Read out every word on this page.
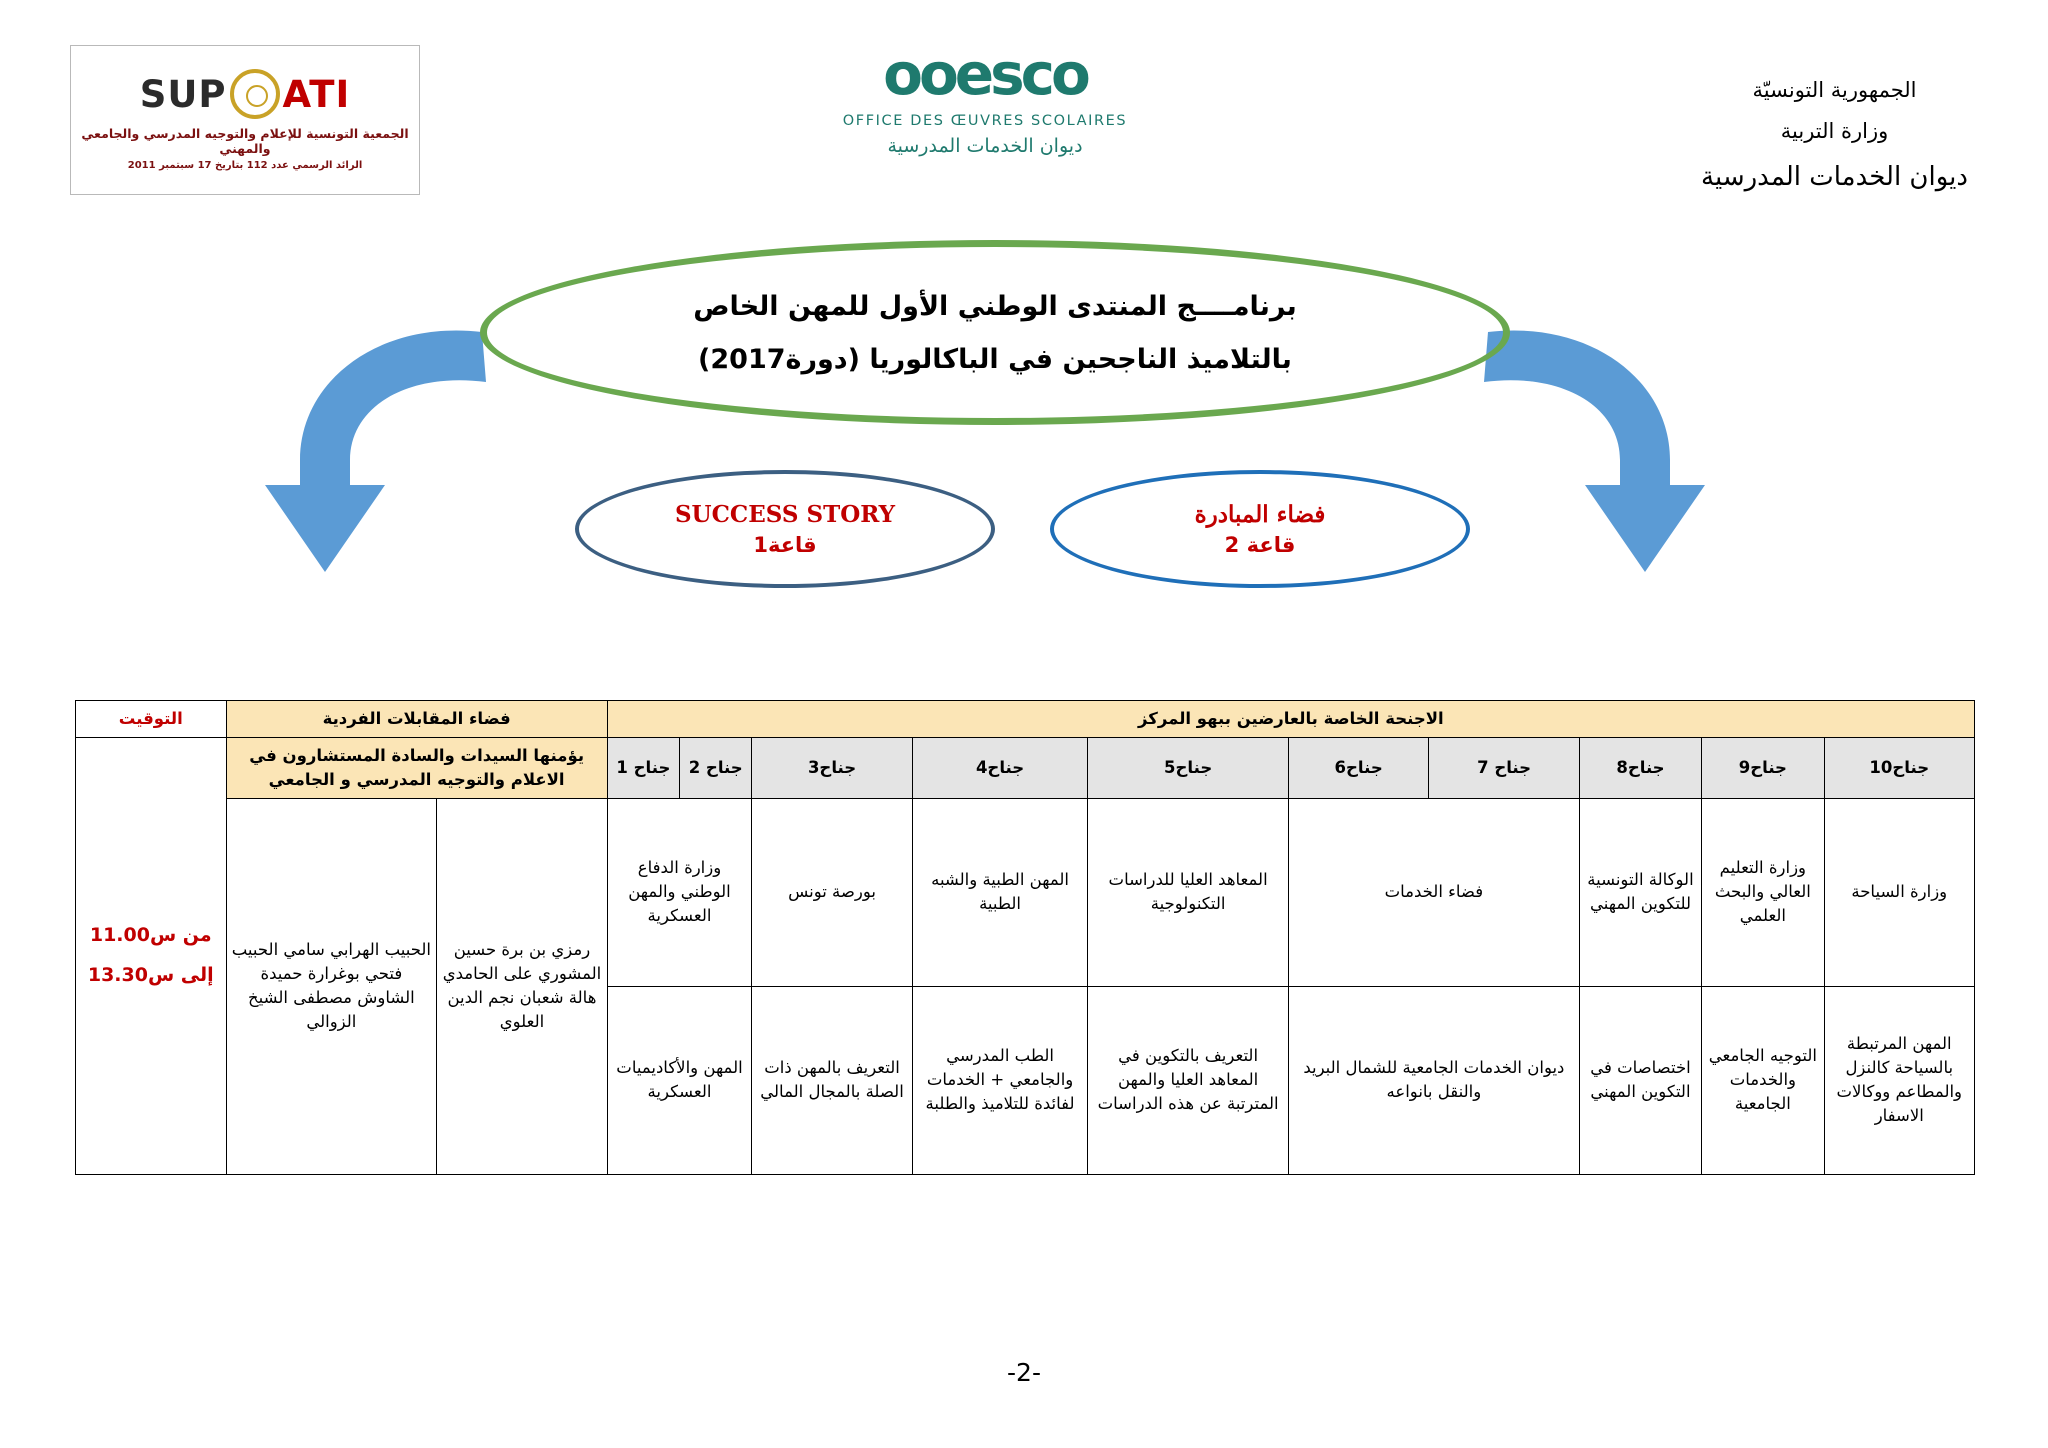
ATI
SUP
الجمعية التونسية للإعلام والتوجيه المدرسي والجامعي والمهني
الرائد الرسمي عدد 112 بتاريخ 17 سبتمبر 2011
ooesco
OFFICE DES ŒUVRES SCOLAIRES
ديوان الخدمات المدرسية
الجمهورية التونسيّة
وزارة التربية
ديوان الخدمات المدرسية
برنامــــج المنتدى الوطني الأول للمهن الخاص
بالتلاميذ الناجحين في الباكالوريا (دورة2017)
SUCCESS STORY
قاعة1
فضاء المبادرة
قاعة 2
الاجنحة الخاصة بالعارضين ببهو المركز										فضاء المقابلات الفردية		التوقيت
جناح10	جناح9	جناح8	جناح 7	جناح6	جناح5	جناح4	جناح3	جناح 2	جناح 1	يؤمنها السيدات والسادة المستشارون في الاعلام والتوجيه المدرسي و الجامعي		من س11.00 إلى س13.30

وزارة السياحة	وزارة التعليم العالي والبحث العلمي	الوكالة التونسية للتكوين المهني	فضاء الخدمات		المعاهد العليا للدراسات التكنولوجية	المهن الطبية والشبه الطبية	بورصة تونس	وزارة الدفاع الوطني والمهن العسكرية		رمزي بن برة حسين المشوري على الحامدي هالة شعبان نجم الدين العلوي	الحبيب الهرابي سامي الحبيب فتحي بوغرارة حميدة الشاوش مصطفى الشيخ الزوالي	
المهن المرتبطة بالسياحة كالنزل والمطاعم ووكالات الاسفار	التوجيه الجامعي والخدمات الجامعية	اختصاصات في التكوين المهني	ديوان الخدمات الجامعية للشمال البريد والنقل بانواعه		التعريف بالتكوين في المعاهد العليا والمهن المترتبة عن هذه الدراسات	الطب المدرسي والجامعي + الخدمات لفائدة للتلاميذ والطلبة	التعريف بالمهن ذات الصلة بالمجال المالي	المهن والأكاديميات العسكرية				
-2-
